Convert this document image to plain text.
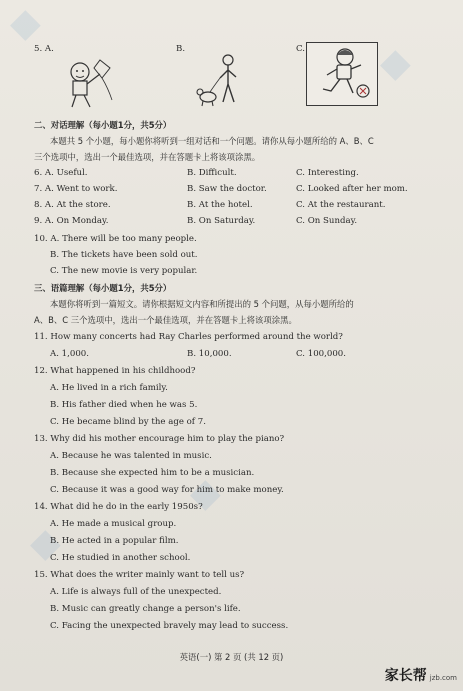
◆
◆
◆
◆
5. A.	B.	C.
二、对话理解（每小题1分，共5分）
本题共 5 个小题，每小题你将听到一组对话和一个问题。请你从每小题所给的 A、B、C
三个选项中，选出一个最佳选项，并在答题卡上将该项涂黑。
6. A. Useful.	B. Difficult.	C. Interesting.
7. A. Went to work.	B. Saw the doctor.	C. Looked after her mom.
8. A. At the store.	B. At the hotel.	C. At the restaurant.
9. A. On Monday.	B. On Saturday.	C. On Sunday.
10. A. There will be too many people.
B. The tickets have been sold out.
C. The new movie is very popular.
三、语篇理解（每小题1分，共5分）
本题你将听到一篇短文。请你根据短文内容和所提出的 5 个问题，从每小题所给的
A、B、C 三个选项中，选出一个最佳选项，并在答题卡上将该项涂黑。
11. How many concerts had Ray Charles performed around the world?
A. 1,000.	B. 10,000.	C. 100,000.
12. What happened in his childhood?
A. He lived in a rich family.
B. His father died when he was 5.
C. He became blind by the age of 7.
13. Why did his mother encourage him to play the piano?
A. Because he was talented in music.
B. Because she expected him to be a musician.
C. Because it was a good way for him to make money.
14. What did he do in the early 1950s?
A. He made a musical group.
B. He acted in a popular film.
C. He studied in another school.
15. What does the writer mainly want to tell us?
A. Life is always full of the unexpected.
B. Music can greatly change a person's life.
C. Facing the unexpected bravely may lead to success.
英语(一) 第 2 页 (共 12 页)
家长帮 jzb.com
